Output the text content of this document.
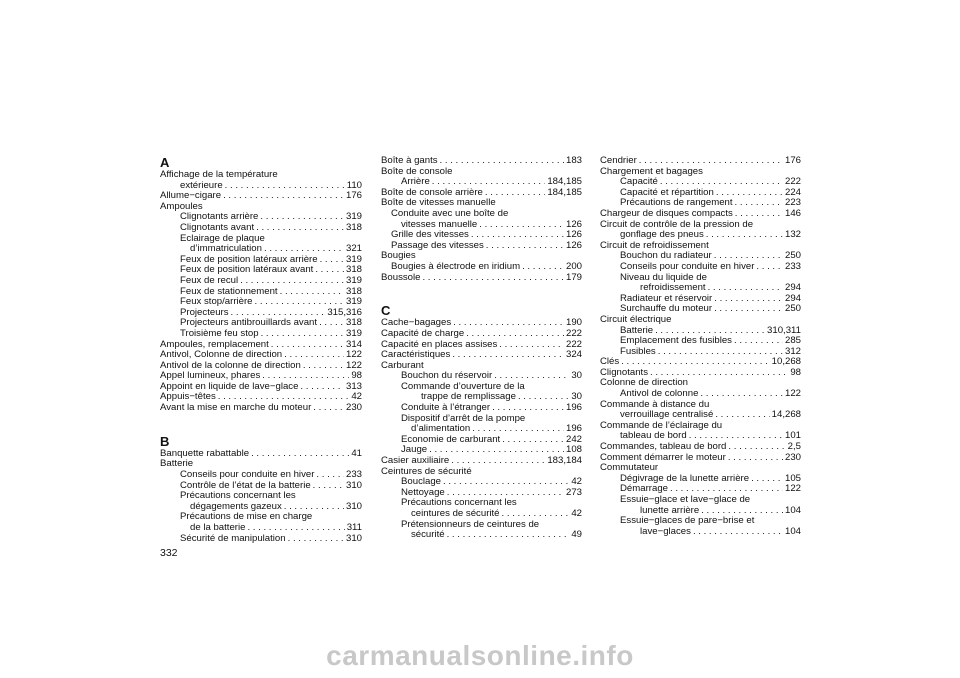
A
Affichage de la température
extérieure . . .	110
Allume−cigare . . .	176
Ampoules
Clignotants arrière . . .	319
Clignotants avant . . .	318
Eclairage de plaque
d’immatriculation . . .	321
Feux de position latéraux arrière . . .	319
Feux de position latéraux avant . . .	318
Feux de recul . . .	319
Feux de stationnement . . .	318
Feux stop/arrière . . .	319
Projecteurs . . .	315,316
Projecteurs antibrouillards avant . . .	318
Troisième feu stop . . .	319
Ampoules, remplacement . . .	314
Antivol, Colonne de direction . . .	122
Antivol de la colonne de direction . . .	122
Appel lumineux, phares . . .	98
Appoint en liquide de lave−glace . . .	313
Appuis−têtes . . .	42
Avant la mise en marche du moteur . . .	230
B
Banquette rabattable . . .	41
Batterie
Conseils pour conduite en hiver . . .	233
Contrôle de l’état de la batterie . . .	310
Précautions concernant les
dégagements gazeux . . .	310
Précautions de mise en charge
de la batterie . . .	311
Sécurité de manipulation . . .	310
Boîte à gants . . .	183
Boîte de console
Arrière . . .	184,185
Boîte de console arrière . . .	184,185
Boîte de vitesses manuelle
Conduite avec une boîte de
vitesses manuelle . . .	126
Grille des vitesses . . .	126
Passage des vitesses . . .	126
Bougies
Bougies à électrode en iridium . . .	200
Boussole . . .	179
C
Cache−bagages . . .	190
Capacité de charge . . .	222
Capacité en places assises . . .	222
Caractéristiques . . .	324
Carburant
Bouchon du réservoir . . .	30
Commande d’ouverture de la
trappe de remplissage . . .	30
Conduite à l’étranger . . .	196
Dispositif d’arrêt de la pompe
d’alimentation . . .	196
Economie de carburant . . .	242
Jauge . . .	108
Casier auxiliaire . . .	183,184
Ceintures de sécurité
Bouclage . . .	42
Nettoyage . . .	273
Précautions concernant les
ceintures de sécurité . . .	42
Prétensionneurs de ceintures de
sécurité . . .	49
Cendrier . . .	176
Chargement et bagages
Capacité . . .	222
Capacité et répartition . . .	224
Précautions de rangement . . .	223
Chargeur de disques compacts . . .	146
Circuit de contrôle de la pression de
gonflage des pneus . . .	132
Circuit de refroidissement
Bouchon du radiateur . . .	250
Conseils pour conduite en hiver . . .	233
Niveau du liquide de
refroidissement . . .	294
Radiateur et réservoir . . .	294
Surchauffe du moteur . . .	250
Circuit électrique
Batterie . . .	310,311
Emplacement des fusibles . . .	285
Fusibles . . .	312
Clés . . .	10,268
Clignotants . . .	98
Colonne de direction
Antivol de colonne . . .	122
Commande à distance du
verrouillage centralisé . . .	14,268
Commande de l’éclairage du
tableau de bord . . .	101
Commandes, tableau de bord . . .	2,5
Comment démarrer le moteur . . .	230
Commutateur
Dégivrage de la lunette arrière . . .	105
Démarrage . . .	122
Essuie−glace et lave−glace de
lunette arrière . . .	104
Essuie−glaces de pare−brise et
lave−glaces . . .	104
332
carmanualsonline.info
